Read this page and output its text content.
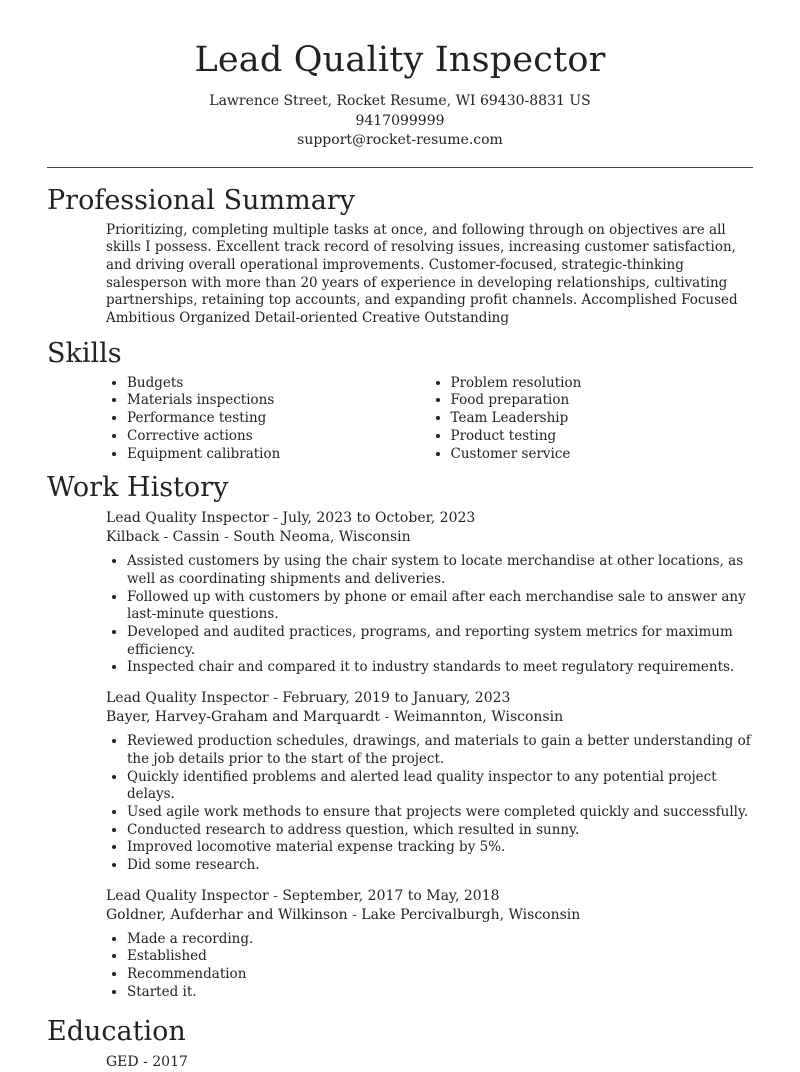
Lead Quality Inspector
Lawrence Street, Rocket Resume, WI 69430-8831 US
9417099999
support@rocket-resume.com
Professional Summary
Prioritizing, completing multiple tasks at once, and following through on objectives are all skills I possess. Excellent track record of resolving issues, increasing customer satisfaction, and driving overall operational improvements. Customer-focused, strategic-thinking salesperson with more than 20 years of experience in developing relationships, cultivating partnerships, retaining top accounts, and expanding profit channels. Accomplished Focused Ambitious Organized Detail-oriented Creative Outstanding
Skills
• Budgets
• Materials inspections
• Performance testing
• Corrective actions
• Equipment calibration
• Problem resolution
• Food preparation
• Team Leadership
• Product testing
• Customer service
Work History
Lead Quality Inspector - July, 2023 to October, 2023
Kilback - Cassin - South Neoma, Wisconsin
• Assisted customers by using the chair system to locate merchandise at other locations, as well as coordinating shipments and deliveries.
• Followed up with customers by phone or email after each merchandise sale to answer any last-minute questions.
• Developed and audited practices, programs, and reporting system metrics for maximum efficiency.
• Inspected chair and compared it to industry standards to meet regulatory requirements.
Lead Quality Inspector - February, 2019 to January, 2023
Bayer, Harvey-Graham and Marquardt - Weimannton, Wisconsin
• Reviewed production schedules, drawings, and materials to gain a better understanding of the job details prior to the start of the project.
• Quickly identified problems and alerted lead quality inspector to any potential project delays.
• Used agile work methods to ensure that projects were completed quickly and successfully.
• Conducted research to address question, which resulted in sunny.
• Improved locomotive material expense tracking by 5%.
• Did some research.
Lead Quality Inspector - September, 2017 to May, 2018
Goldner, Aufderhar and Wilkinson - Lake Percivalburgh, Wisconsin
• Made a recording.
• Established
• Recommendation
• Started it.
Education
GED - 2017
